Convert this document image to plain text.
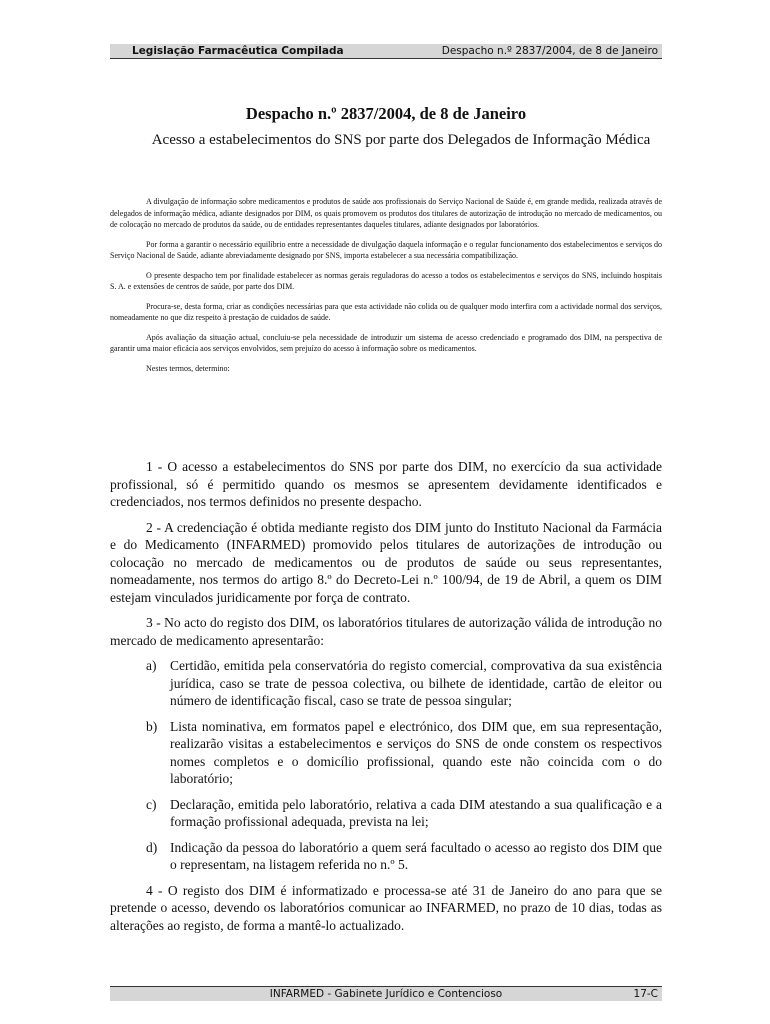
Legislação Farmacêutica Compilada	Despacho n.º 2837/2004, de 8 de Janeiro
Despacho n.º 2837/2004, de 8 de Janeiro
Acesso a estabelecimentos do SNS por parte dos Delegados de Informação Médica

A divulgação de informação sobre medicamentos e produtos de saúde aos profissionais do Serviço Nacional de Saúde é, em grande medida, realizada através de delegados de informação médica, adiante designados por DIM, os quais promovem os produtos dos titulares de autorização de introdução no mercado de medicamentos, ou de colocação no mercado de produtos da saúde, ou de entidades representantes daqueles titulares, adiante designados por laboratórios.

Por forma a garantir o necessário equilíbrio entre a necessidade de divulgação daquela informação e o regular funcionamento dos estabelecimentos e serviços do Serviço Nacional de Saúde, adiante abreviadamente designado por SNS, importa estabelecer a sua necessária compatibilização.

O presente despacho tem por finalidade estabelecer as normas gerais reguladoras do acesso a todos os estabelecimentos e serviços do SNS, incluindo hospitais S. A. e extensões de centros de saúde, por parte dos DIM.

Procura-se, desta forma, criar as condições necessárias para que esta actividade não colida ou de qualquer modo interfira com a actividade normal dos serviços, nomeadamente no que diz respeito à prestação de cuidados de saúde.

Após avaliação da situação actual, concluiu-se pela necessidade de introduzir um sistema de acesso credenciado e programado dos DIM, na perspectiva de garantir uma maior eficácia aos serviços envolvidos, sem prejuízo do acesso à informação sobre os medicamentos.

Nestes termos, determino:

1 - O acesso a estabelecimentos do SNS por parte dos DIM, no exercício da sua actividade profissional, só é permitido quando os mesmos se apresentem devidamente identificados e credenciados, nos termos definidos no presente despacho.

2 - A credenciação é obtida mediante registo dos DIM junto do Instituto Nacional da Farmácia e do Medicamento (INFARMED) promovido pelos titulares de autorizações de introdução ou colocação no mercado de medicamentos ou de produtos de saúde ou seus representantes, nomeadamente, nos termos do artigo 8.º do Decreto-Lei n.º 100/94, de 19 de Abril, a quem os DIM estejam vinculados juridicamente por força de contrato.

3 - No acto do registo dos DIM, os laboratórios titulares de autorização válida de introdução no mercado de medicamento apresentarão:

a)	Certidão, emitida pela conservatória do registo comercial, comprovativa da sua existência jurídica, caso se trate de pessoa colectiva, ou bilhete de identidade, cartão de eleitor ou número de identificação fiscal, caso se trate de pessoa singular;
b) Lista nominativa, em formatos papel e electrónico, dos DIM que, em sua representação, realizarão visitas a estabelecimentos e serviços do SNS de onde constem os respectivos nomes completos e o domicílio profissional, quando este não coincida com o do laboratório;
c)	Declaração, emitida pelo laboratório, relativa a cada DIM atestando a sua qualificação e a formação profissional adequada, prevista na lei;
d) Indicação da pessoa do laboratório a quem será facultado o acesso ao registo dos DIM que o representam, na listagem referida no n.º 5.

4 - O registo dos DIM é informatizado e processa-se até 31 de Janeiro do ano para que se pretende o acesso, devendo os laboratórios comunicar ao INFARMED, no prazo de 10 dias, todas as alterações ao registo, de forma a mantê-lo actualizado.

INFARMED - Gabinete Jurídico e Contencioso	17-C
